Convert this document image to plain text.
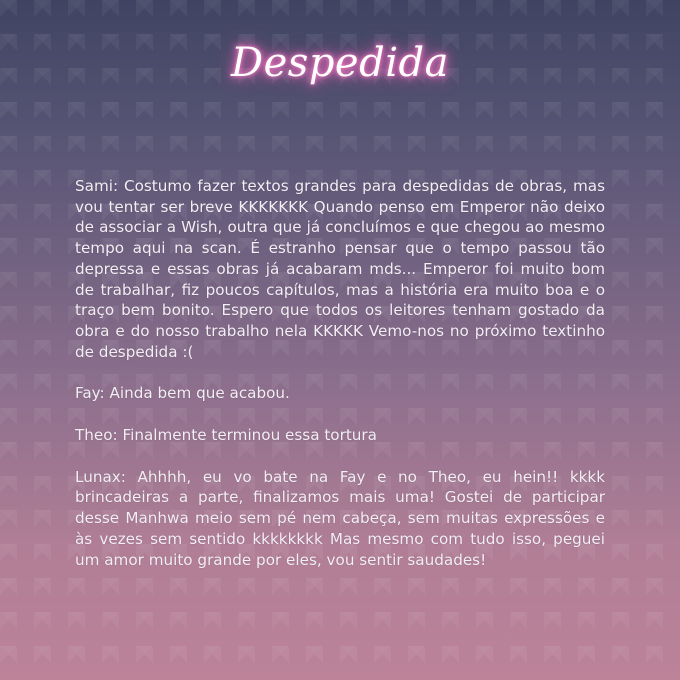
Despedida

Sami: Costumo fazer textos grandes para despedidas de obras, mas vou tentar ser breve KKKKKKK Quando penso em Emperor não deixo de associar a Wish, outra que já concluímos e que chegou ao mesmo tempo aqui na scan. É estranho pensar que o tempo passou tão depressa e essas obras já acabaram mds... Emperor foi muito bom de trabalhar, fiz poucos capítulos, mas a história era muito boa e o traço bem bonito. Espero que todos os leitores tenham gostado da obra e do nosso trabalho nela KKKKK Vemo-nos no próximo textinho de despedida :(

Fay: Ainda bem que acabou.

Theo: Finalmente terminou essa tortura

Lunax: Ahhhh, eu vo bate na Fay e no Theo, eu hein!! kkkk brincadeiras a parte, finalizamos mais uma! Gostei de participar desse Manhwa meio sem pé nem cabeça, sem muitas expressões e às vezes sem sentido kkkkkkkk Mas mesmo com tudo isso, peguei um amor muito grande por eles, vou sentir saudades!
